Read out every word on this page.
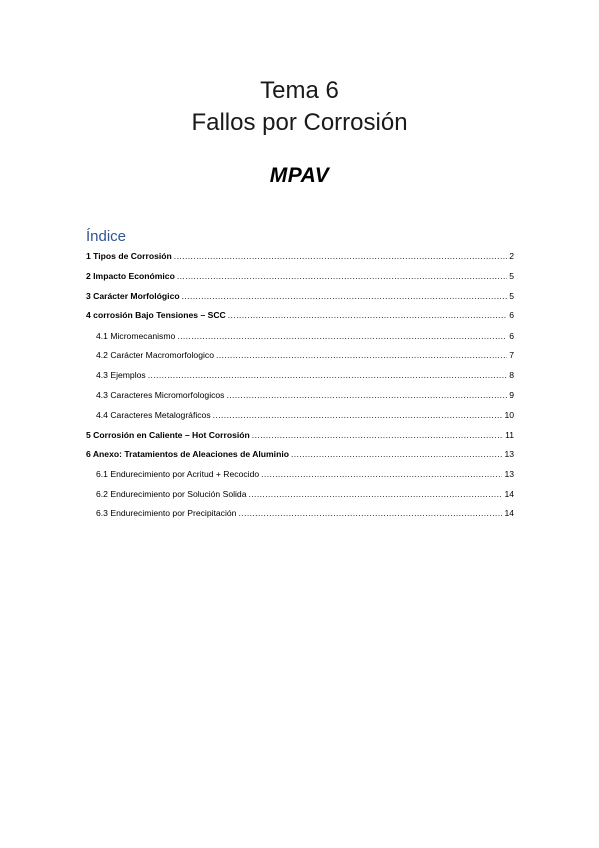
Tema 6
Fallos por Corrosión
MPAV
Índice
1 Tipos de Corrosión .....	2
2 Impacto Económico .....	5
3 Carácter Morfológico .....	5
4 corrosión Bajo Tensiones – SCC .....	6
4.1 Micromecanismo .....	6
4.2 Carácter Macromorfologico .....	7
4.3 Ejemplos .....	8
4.3 Caracteres Micromorfologicos .....	9
4.4 Caracteres Metalográficos .....	10
5 Corrosión en Caliente – Hot Corrosión .....	11
6 Anexo: Tratamientos de Aleaciones de Aluminio .....	13
6.1 Endurecimiento por Acritud + Recocido .....	13
6.2 Endurecimiento por Solución Solida .....	14
6.3 Endurecimiento por Precipitación .....	14
